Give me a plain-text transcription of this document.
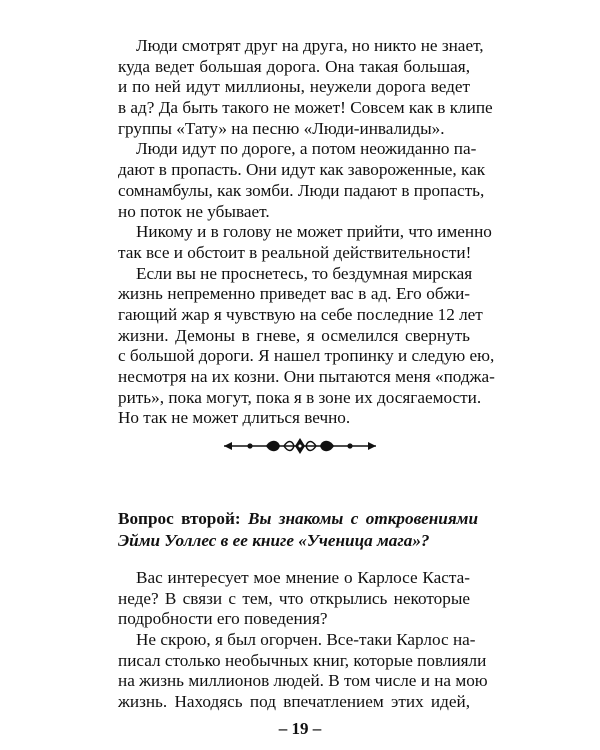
Люди смотрят друг на друга, но никто не знает,
куда ведет большая дорога. Она такая большая,
и по ней идут миллионы, неужели дорога ведет
в ад? Да быть такого не может! Совсем как в клипе
группы «Тату» на песню «Люди-инвалиды».
Люди идут по дороге, а потом неожиданно па-
дают в пропасть. Они идут как завороженные, как
сомнамбулы, как зомби. Люди падают в пропасть,
но поток не убывает.
Никому и в голову не может прийти, что именно
так все и обстоит в реальной действительности!
Если вы не проснетесь, то бездумная мирская
жизнь непременно приведет вас в ад. Его обжи-
гающий жар я чувствую на себе последние 12 лет
жизни. Демоны в гневе, я осмелился свернуть
с большой дороги. Я нашел тропинку и следую ею,
несмотря на их козни. Они пытаются меня «поджа-
рить», пока могут, пока я в зоне их досягаемости.
Но так не может длиться вечно.
Вопрос второй: Вы знакомы с откровениями
Эйми Уоллес в ее книге «Ученица мага»?
Вас интересует мое мнение о Карлосе Каста-
неде? В связи с тем, что открылись некоторые
подробности его поведения?
Не скрою, я был огорчен. Все-таки Карлос на-
писал столько необычных книг, которые повлияли
на жизнь миллионов людей. В том числе и на мою
жизнь. Находясь под впечатлением этих идей,
– 19 –
